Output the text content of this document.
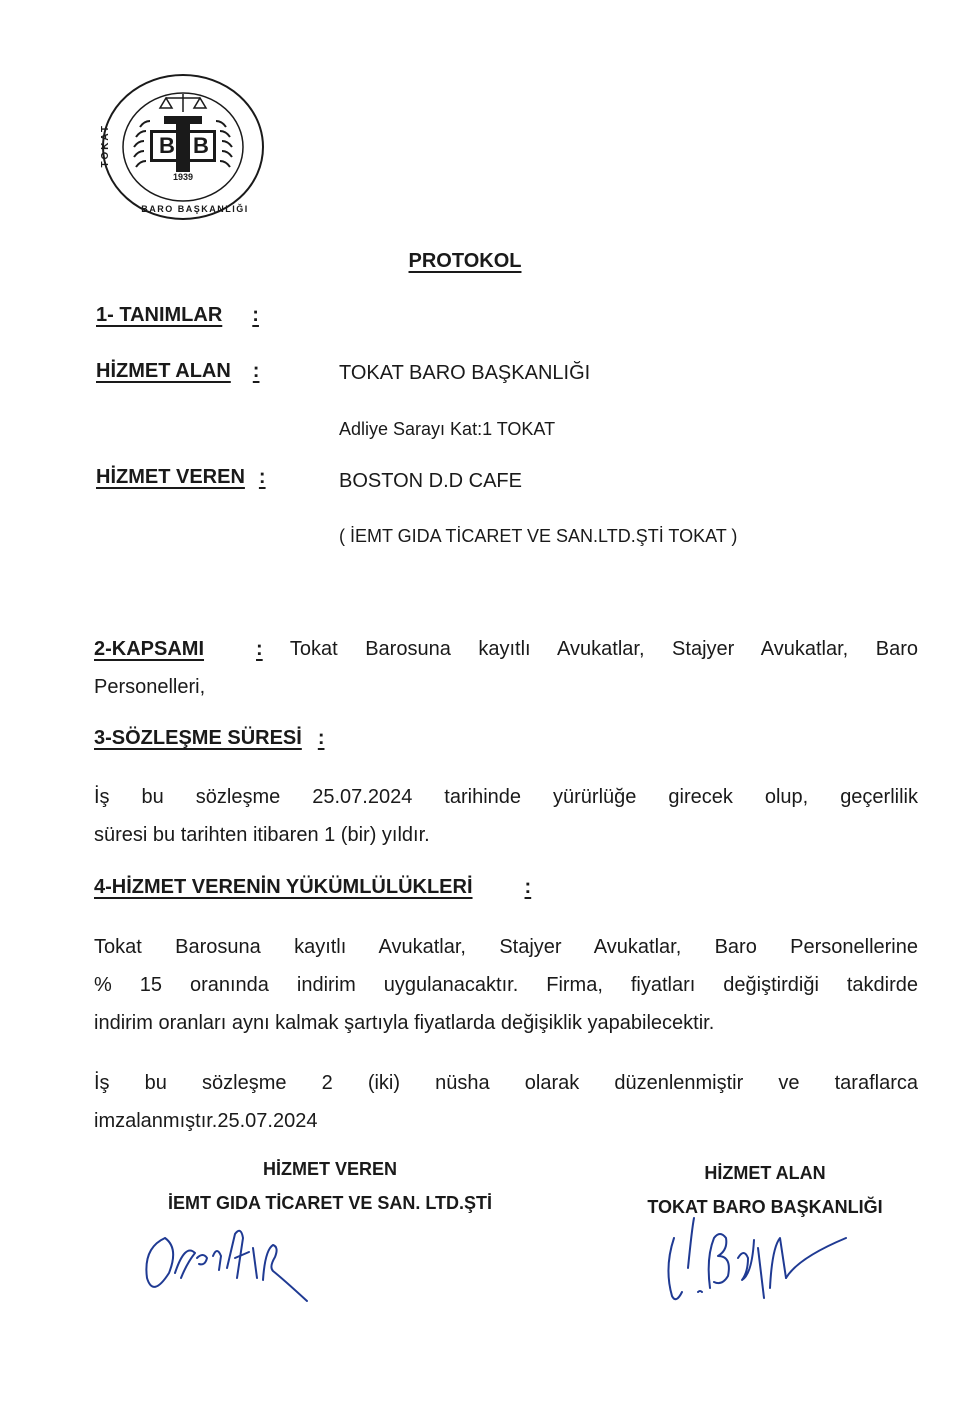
B B
1939
TOKAT
BARO BAŞKANLIĞI
PROTOKOL
1- TANIMLAR :
HİZMET ALAN :	TOKAT BARO BAŞKANLIĞI
Adliye Sarayı Kat:1 TOKAT
HİZMET VEREN :	BOSTON D.D CAFE
( İEMT GIDA TİCARET VE SAN.LTD.ŞTİ TOKAT )
2-KAPSAMI	: Tokat Barosuna kayıtlı Avukatlar, Stajyer Avukatlar, Baro
Personelleri,
3-SÖZLEŞME SÜRESİ :
İş bu sözleşme 25.07.2024 tarihinde yürürlüğe girecek olup, geçerlilik
süresi bu tarihten itibaren 1 (bir) yıldır.
4-HİZMET VERENİN YÜKÜMLÜLÜKLERİ	:
Tokat Barosuna kayıtlı Avukatlar, Stajyer Avukatlar, Baro Personellerine
% 15 oranında indirim uygulanacaktır. Firma, fiyatları değiştirdiği takdirde
indirim oranları aynı kalmak şartıyla fiyatlarda değişiklik yapabilecektir.
İş bu sözleşme 2 (iki) nüsha olarak düzenlenmiştir ve taraflarca
imzalanmıştır.25.07.2024
HİZMET VEREN
İEMT GIDA TİCARET VE SAN. LTD.ŞTİ
HİZMET ALAN
TOKAT BARO BAŞKANLIĞI
